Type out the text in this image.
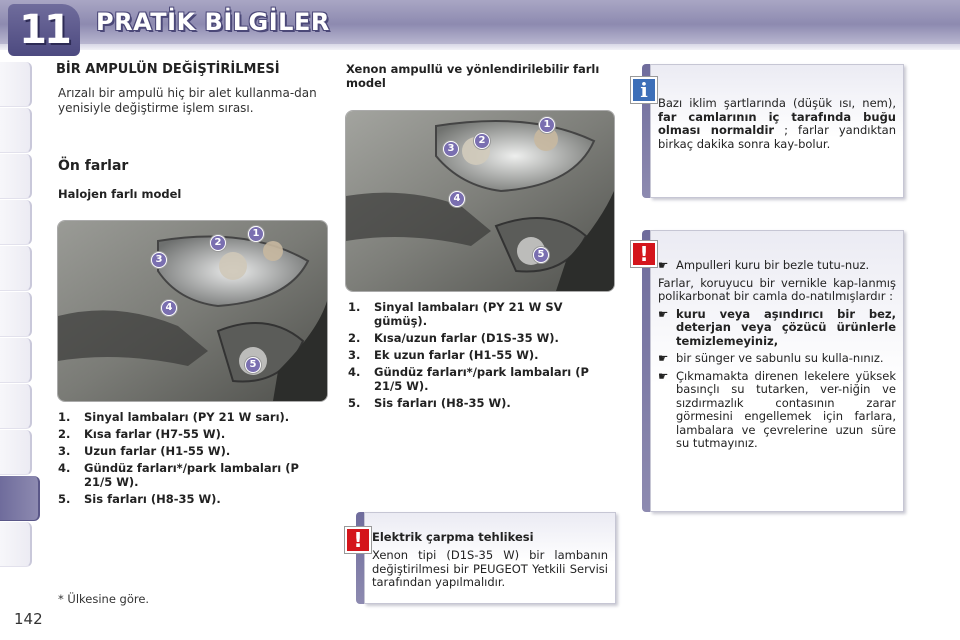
11	PRATİK BİLGİLER
BİR AMPULÜN DEĞİŞTİRİLMESİ
Arızalı bir ampulü hiç bir alet kullanma-dan yenisiyle değiştirme işlem sırası.
Ön farlar
Halojen farlı model
1
2
3
4
5
1. Sinyal lambaları (PY 21 W sarı).
2. Kısa farlar (H7-55 W).
3. Uzun farlar (H1-55 W).
4. Gündüz farları*/park lambaları (P 21/5 W).
5. Sis farları (H8-35 W).
* Ülkesine göre.
142
Xenon ampullü ve yönlendirilebilir farlı model
1
2
3
4
5
1. Sinyal lambaları (PY 21 W SV gümüş).
2. Kısa/uzun farlar (D1S-35 W).
3. Ek uzun farlar (H1-55 W).
4. Gündüz farları*/park lambaları (P 21/5 W).
5. Sis farları (H8-35 W).
! Elektrik çarpma tehlikesi
Xenon tipi (D1S-35 W) bir lambanın değiştirilmesi bir PEUGEOT Yetkili Servisi tarafından yapılmalıdır.
i
Bazı iklim şartlarında (düşük ısı, nem), far camlarının iç tarafında buğu olması normaldir ; farlar yandıktan birkaç dakika sonra kay-bolur.
! ☛ Ampulleri kuru bir bezle tutu-nuz.
Farlar, koruyucu bir vernikle kap-lanmış polikarbonat bir camla do-natılmışlardır :
☛ kuru veya aşındırıcı bir bez, deterjan veya çözücü ürünlerle temizlemeyiniz,
☛ bir sünger ve sabunlu su kulla-nınız.
☛ Çıkmamakta direnen lekelere yüksek basınçlı su tutarken, ver-niğin ve sızdırmazlık contasının zarar görmesini engellemek için farlara, lambalara ve çevrelerine uzun süre su tutmayınız.
